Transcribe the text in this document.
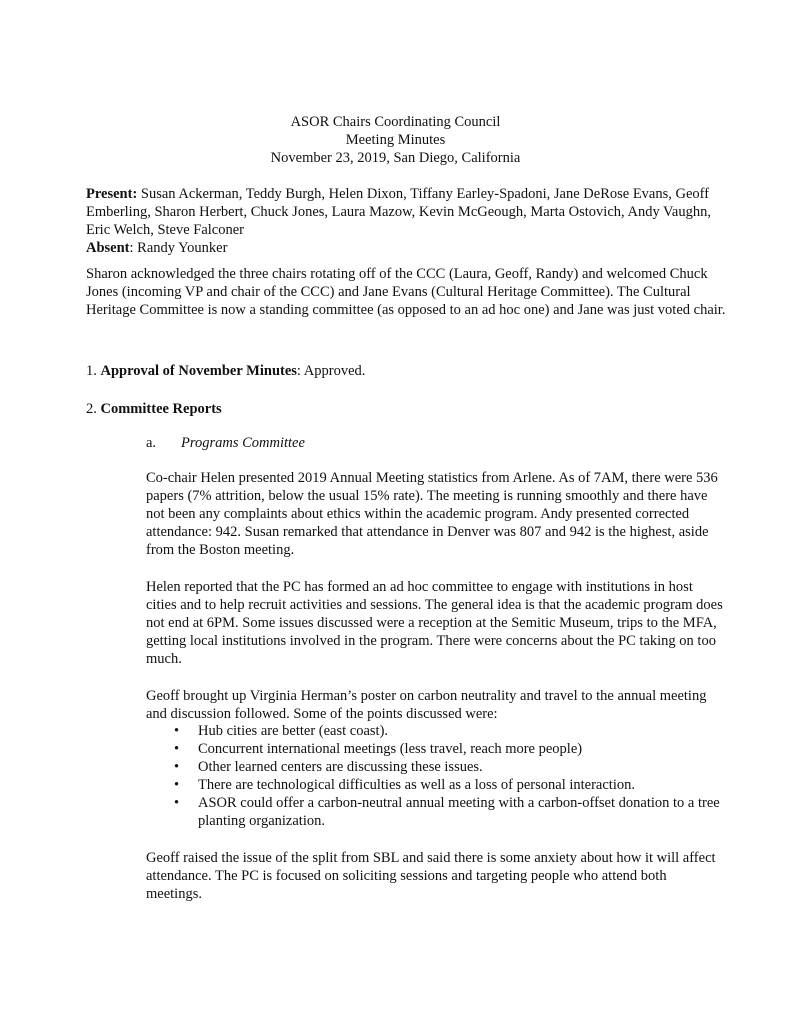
ASOR Chairs Coordinating Council
Meeting Minutes
November 23, 2019, San Diego, California
Present: Susan Ackerman, Teddy Burgh, Helen Dixon, Tiffany Earley-Spadoni, Jane DeRose Evans, Geoff Emberling, Sharon Herbert, Chuck Jones, Laura Mazow, Kevin McGeough, Marta Ostovich, Andy Vaughn, Eric Welch, Steve Falconer
Absent: Randy Younker
Sharon acknowledged the three chairs rotating off of the CCC (Laura, Geoff, Randy) and welcomed Chuck Jones (incoming VP and chair of the CCC) and Jane Evans (Cultural Heritage Committee). The Cultural Heritage Committee is now a standing committee (as opposed to an ad hoc one) and Jane was just voted chair.
1. Approval of November Minutes: Approved.
2. Committee Reports
a. Programs Committee
Co-chair Helen presented 2019 Annual Meeting statistics from Arlene. As of 7AM, there were 536 papers (7% attrition, below the usual 15% rate). The meeting is running smoothly and there have not been any complaints about ethics within the academic program. Andy presented corrected attendance: 942. Susan remarked that attendance in Denver was 807 and 942 is the highest, aside from the Boston meeting.
Helen reported that the PC has formed an ad hoc committee to engage with institutions in host cities and to help recruit activities and sessions. The general idea is that the academic program does not end at 6PM. Some issues discussed were a reception at the Semitic Museum, trips to the MFA, getting local institutions involved in the program. There were concerns about the PC taking on too much.
Geoff brought up Virginia Herman’s poster on carbon neutrality and travel to the annual meeting and discussion followed. Some of the points discussed were:
• Hub cities are better (east coast).
• Concurrent international meetings (less travel, reach more people)
• Other learned centers are discussing these issues.
• There are technological difficulties as well as a loss of personal interaction.
• ASOR could offer a carbon-neutral annual meeting with a carbon-offset donation to a tree planting organization.
Geoff raised the issue of the split from SBL and said there is some anxiety about how it will affect attendance. The PC is focused on soliciting sessions and targeting people who attend both meetings.
